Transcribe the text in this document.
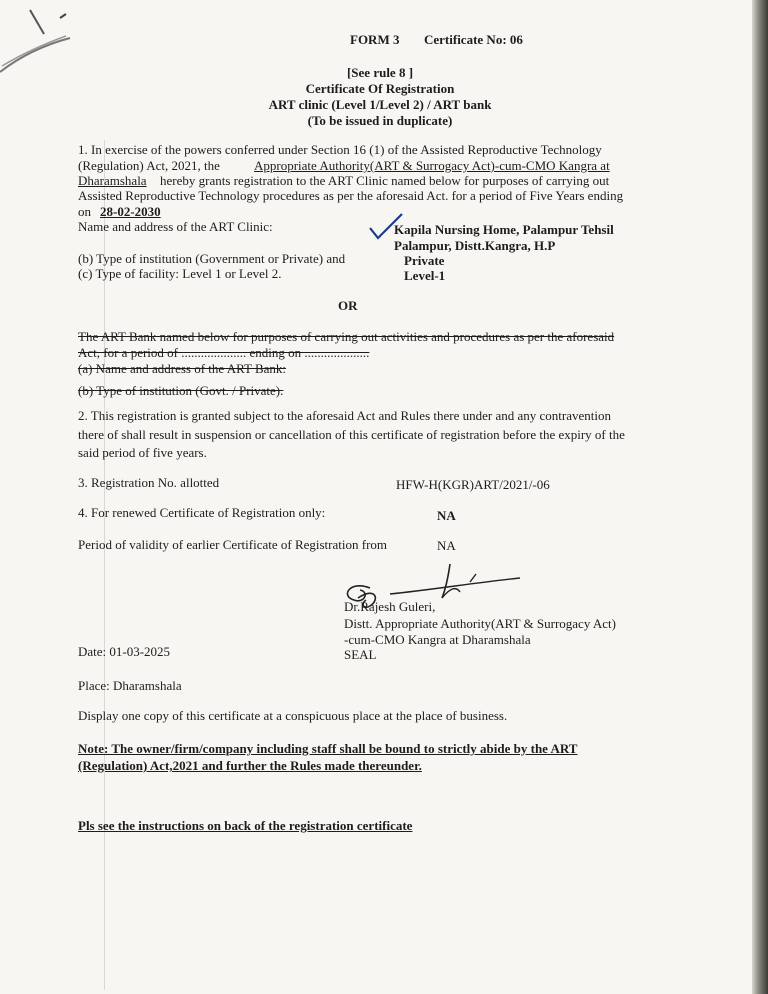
FORM 3 Certificate No: 06
[See rule 8 ]
Certificate Of Registration
ART clinic (Level 1/Level 2) / ART bank
(To be issued in duplicate)
1. In exercise of the powers conferred under Section 16 (1) of the Assisted Reproductive Technology
(Regulation) Act, 2021, the	Appropriate Authority(ART & Surrogacy Act)-cum-CMO Kangra at
Dharamshala hereby grants registration to the ART Clinic named below for purposes of carrying out
Assisted Reproductive Technology procedures as per the aforesaid Act. for a period of Five Years ending
on 28-02-2030
Name and address of the ART Clinic:	Kapila Nursing Home, Palampur Tehsil
Palampur, Distt.Kangra, H.P
(b) Type of institution (Government or Private) and	Private
(c) Type of facility: Level 1 or Level 2.	Level-1
OR
The ART Bank named below for purposes of carrying out activities and procedures as per the aforesaid
Act, for a period of .................... ending on ....................
(a) Name and address of the ART Bank:
(b) Type of institution (Govt. / Private).
2. This registration is granted subject to the aforesaid Act and Rules there under and any contravention
there of shall result in suspension or cancellation of this certificate of registration before the expiry of the
said period of five years.
3. Registration No. allotted	HFW-H(KGR)ART/2021/-06
4. For renewed Certificate of Registration only:	NA
Period of validity of earlier Certificate of Registration from	NA
Dr.Rajesh Guleri,
Distt. Appropriate Authority(ART & Surrogacy Act)
-cum-CMO Kangra at Dharamshala
SEAL
Date: 01-03-2025
Place: Dharamshala
Display one copy of this certificate at a conspicuous place at the place of business.
Note: The owner/firm/company including staff shall be bound to strictly abide by the ART
(Regulation) Act,2021 and further the Rules made thereunder.
Pls see the instructions on back of the registration certificate
